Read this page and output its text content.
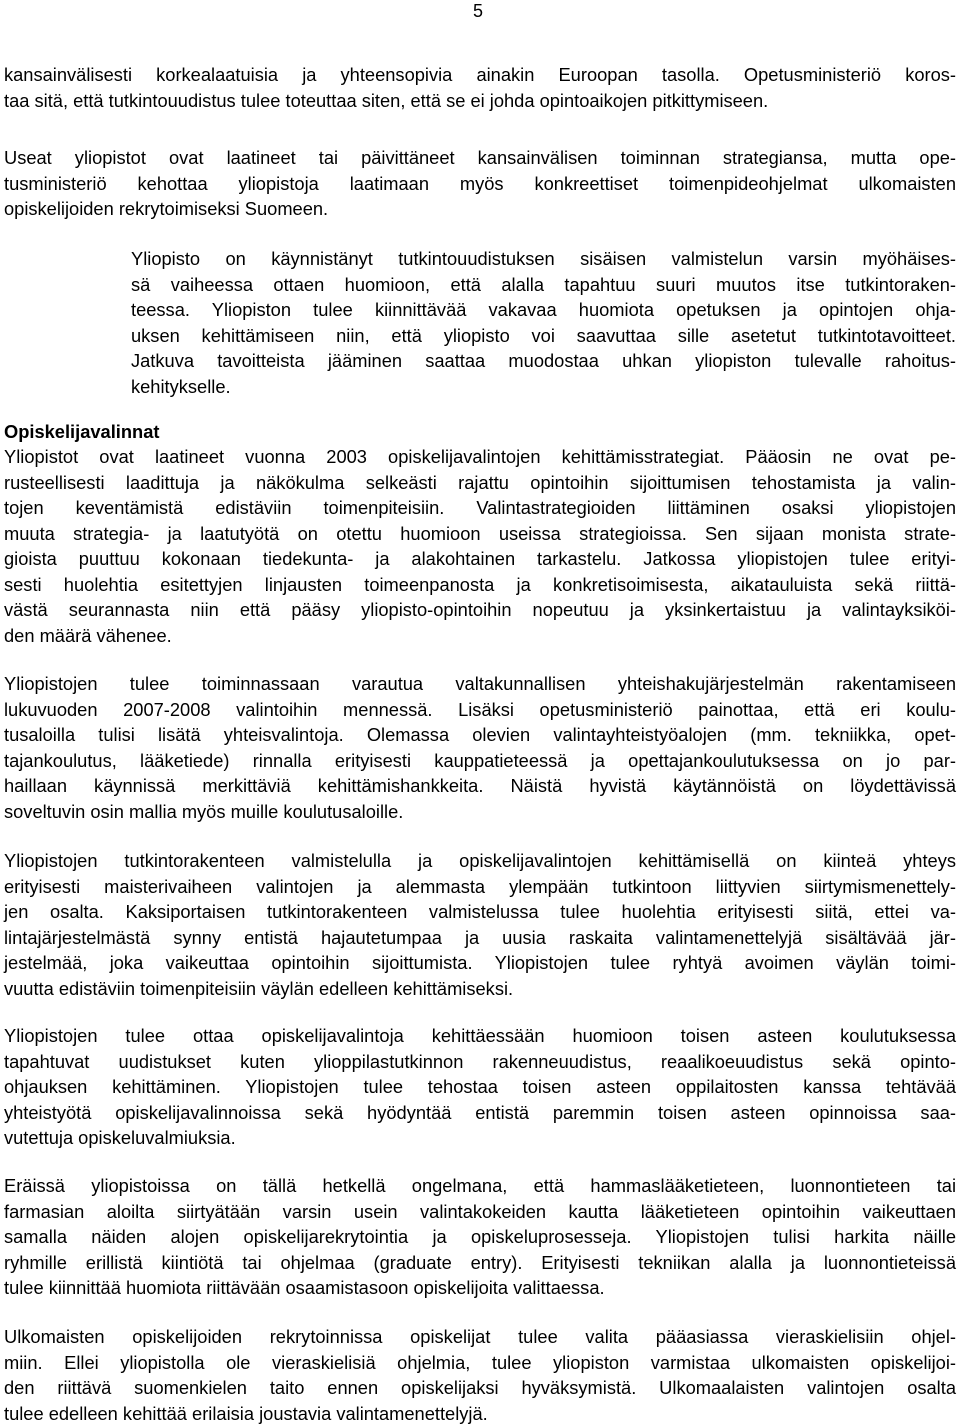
5
kansainvälisesti korkealaatuisia ja yhteensopivia ainakin Euroopan tasolla. Opetusministeriö koros-
taa sitä, että tutkintouudistus tulee toteuttaa siten, että se ei johda opintoaikojen pitkittymiseen.
Useat yliopistot ovat laatineet tai päivittäneet kansainvälisen toiminnan strategiansa, mutta ope-
tusministeriö kehottaa yliopistoja laatimaan myös konkreettiset toimenpideohjelmat ulkomaisten
opiskelijoiden rekrytoimiseksi Suomeen.
Yliopisto on käynnistänyt tutkintouudistuksen sisäisen valmistelun varsin myöhäises-
sä vaiheessa ottaen huomioon, että alalla tapahtuu suuri muutos itse tutkintoraken-
teessa. Yliopiston tulee kiinnittävää vakavaa huomiota opetuksen ja opintojen ohja-
uksen kehittämiseen niin, että yliopisto voi saavuttaa sille asetetut tutkintotavoitteet.
Jatkuva tavoitteista jääminen saattaa muodostaa uhkan yliopiston tulevalle rahoitus-
kehitykselle.
Opiskelijavalinnat
Yliopistot ovat laatineet vuonna 2003 opiskelijavalintojen kehittämisstrategiat. Pääosin ne ovat pe-
rusteellisesti laadittuja ja näkökulma selkeästi rajattu opintoihin sijoittumisen tehostamista ja valin-
tojen keventämistä edistäviin toimenpiteisiin. Valintastrategioiden liittäminen osaksi yliopistojen
muuta strategia- ja laatutyötä on otettu huomioon useissa strategioissa. Sen sijaan monista strate-
gioista puuttuu kokonaan tiedekunta- ja alakohtainen tarkastelu. Jatkossa yliopistojen tulee erityi-
sesti huolehtia esitettyjen linjausten toimeenpanosta ja konkretisoimisesta, aikatauluista sekä riittä-
västä seurannasta niin että pääsy yliopisto-opintoihin nopeutuu ja yksinkertaistuu ja valintayksiköi-
den määrä vähenee.
Yliopistojen tulee toiminnassaan varautua valtakunnallisen yhteishakujärjestelmän rakentamiseen
lukuvuoden 2007-2008 valintoihin mennessä. Lisäksi opetusministeriö painottaa, että eri koulu-
tusaloilla tulisi lisätä yhteisvalintoja. Olemassa olevien valintayhteistyöalojen (mm. tekniikka, opet-
tajankoulutus, lääketiede) rinnalla erityisesti kauppatieteessä ja opettajankoulutuksessa on jo par-
haillaan käynnissä merkittäviä kehittämishankkeita. Näistä hyvistä käytännöistä on löydettävissä
soveltuvin osin mallia myös muille koulutusaloille.
Yliopistojen tutkintorakenteen valmistelulla ja opiskelijavalintojen kehittämisellä on kiinteä yhteys
erityisesti maisterivaiheen valintojen ja alemmasta ylempään tutkintoon liittyvien siirtymismenettely-
jen osalta. Kaksiportaisen tutkintorakenteen valmistelussa tulee huolehtia erityisesti siitä, ettei va-
lintajärjestelmästä synny entistä hajautetumpaa ja uusia raskaita valintamenettelyjä sisältävää jär-
jestelmää, joka vaikeuttaa opintoihin sijoittumista. Yliopistojen tulee ryhtyä avoimen väylän toimi-
vuutta edistäviin toimenpiteisiin väylän edelleen kehittämiseksi.
Yliopistojen tulee ottaa opiskelijavalintoja kehittäessään huomioon toisen asteen koulutuksessa
tapahtuvat uudistukset kuten ylioppilastutkinnon rakenneuudistus, reaalikoeuudistus sekä opinto-
ohjauksen kehittäminen. Yliopistojen tulee tehostaa toisen asteen oppilaitosten kanssa tehtävää
yhteistyötä opiskelijavalinnoissa sekä hyödyntää entistä paremmin toisen asteen opinnoissa saa-
vutettuja opiskeluvalmiuksia.
Eräissä yliopistoissa on tällä hetkellä ongelmana, että hammaslääketieteen, luonnontieteen tai
farmasian aloilta siirtyätään varsin usein valintakokeiden kautta lääketieteen opintoihin vaikeuttaen
samalla näiden alojen opiskelijarekrytointia ja opiskeluprosesseja. Yliopistojen tulisi harkita näille
ryhmille erillistä kiintiötä tai ohjelmaa (graduate entry). Erityisesti tekniikan alalla ja luonnontieteissä
tulee kiinnittää huomiota riittävään osaamistasoon opiskelijoita valittaessa.
Ulkomaisten opiskelijoiden rekrytoinnissa opiskelijat tulee valita pääasiassa vieraskielisiin ohjel-
miin. Ellei yliopistolla ole vieraskielisiä ohjelmia, tulee yliopiston varmistaa ulkomaisten opiskelijoi-
den riittävä suomenkielen taito ennen opiskelijaksi hyväksymistä. Ulkomaalaisten valintojen osalta
tulee edelleen kehittää erilaisia joustavia valintamenettelyjä.
